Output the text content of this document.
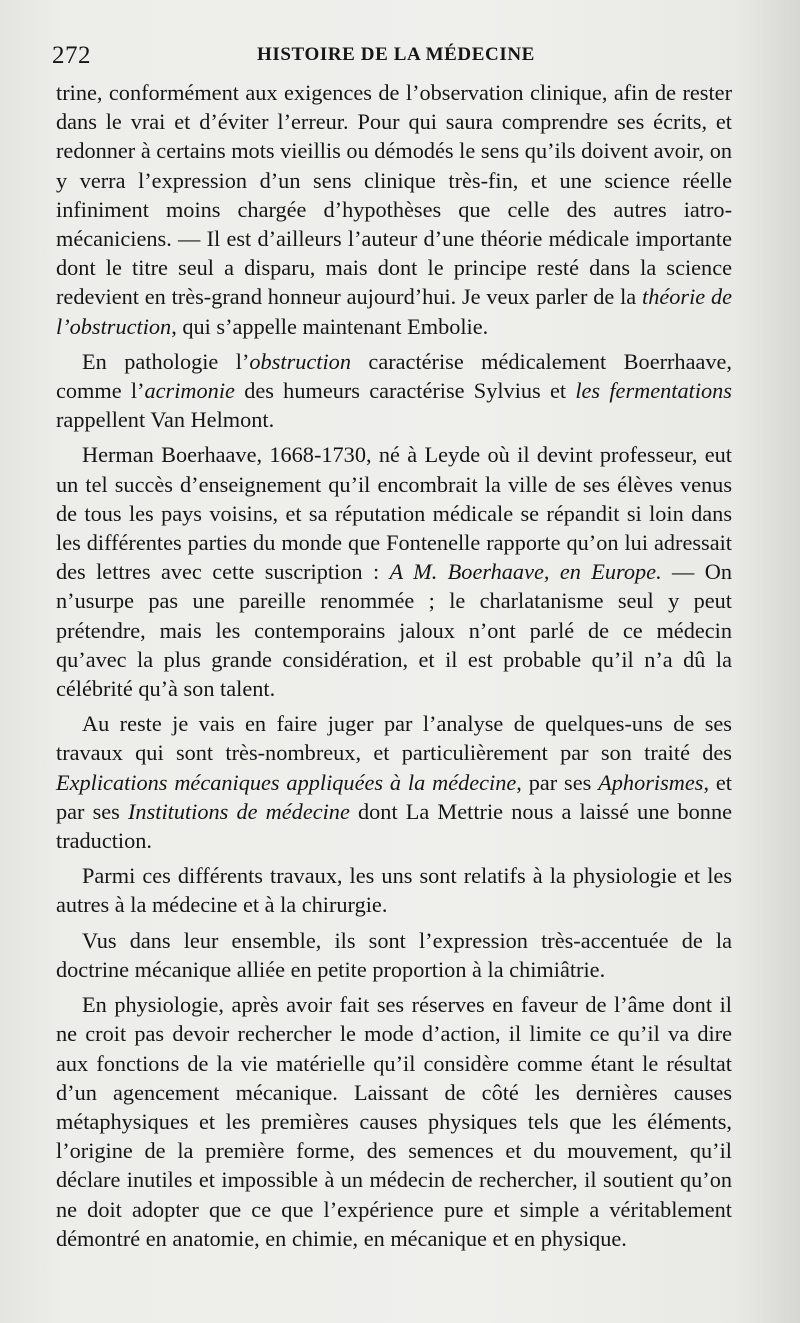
272	HISTOIRE DE LA MÉDECINE

trine, conformément aux exigences de l’observation clinique, afin de rester dans le vrai et d’éviter l’erreur. Pour qui saura comprendre ses écrits, et redonner à certains mots vieillis ou démodés le sens qu’ils doivent avoir, on y verra l’expression d’un sens clinique très-fin, et une science réelle infiniment moins chargée d’hypothèses que celle des autres iatro-mécaniciens. — Il est d’ailleurs l’auteur d’une théorie médicale importante dont le titre seul a disparu, mais dont le principe resté dans la science redevient en très-grand honneur aujourd’hui. Je veux parler de la théorie de l’obstruction, qui s’appelle maintenant Embolie.

En pathologie l’obstruction caractérise médicalement Boerrhaave, comme l’acrimonie des humeurs caractérise Sylvius et les fermentations rappellent Van Helmont.

Herman Boerhaave, 1668-1730, né à Leyde où il devint professeur, eut un tel succès d’enseignement qu’il encombrait la ville de ses élèves venus de tous les pays voisins, et sa réputation médicale se répandit si loin dans les différentes parties du monde que Fontenelle rapporte qu’on lui adressait des lettres avec cette suscription : A M. Boerhaave, en Europe. — On n’usurpe pas une pareille renommée ; le charlatanisme seul y peut prétendre, mais les contemporains jaloux n’ont parlé de ce médecin qu’avec la plus grande considération, et il est probable qu’il n’a dû la célébrité qu’à son talent.

Au reste je vais en faire juger par l’analyse de quelques-uns de ses travaux qui sont très-nombreux, et particulièrement par son traité des Explications mécaniques appliquées à la médecine, par ses Aphorismes, et par ses Institutions de médecine dont La Mettrie nous a laissé une bonne traduction.

Parmi ces différents travaux, les uns sont relatifs à la physiologie et les autres à la médecine et à la chirurgie.

Vus dans leur ensemble, ils sont l’expression très-accentuée de la doctrine mécanique alliée en petite proportion à la chimiâtrie.

En physiologie, après avoir fait ses réserves en faveur de l’âme dont il ne croit pas devoir rechercher le mode d’action, il limite ce qu’il va dire aux fonctions de la vie matérielle qu’il considère comme étant le résultat d’un agencement mécanique. Laissant de côté les dernières causes métaphysiques et les premières causes physiques tels que les éléments, l’origine de la première forme, des semences et du mouvement, qu’il déclare inutiles et impossible à un médecin de rechercher, il soutient qu’on ne doit adopter que ce que l’expérience pure et simple a véritablement démontré en anatomie, en chimie, en mécanique et en physique.
